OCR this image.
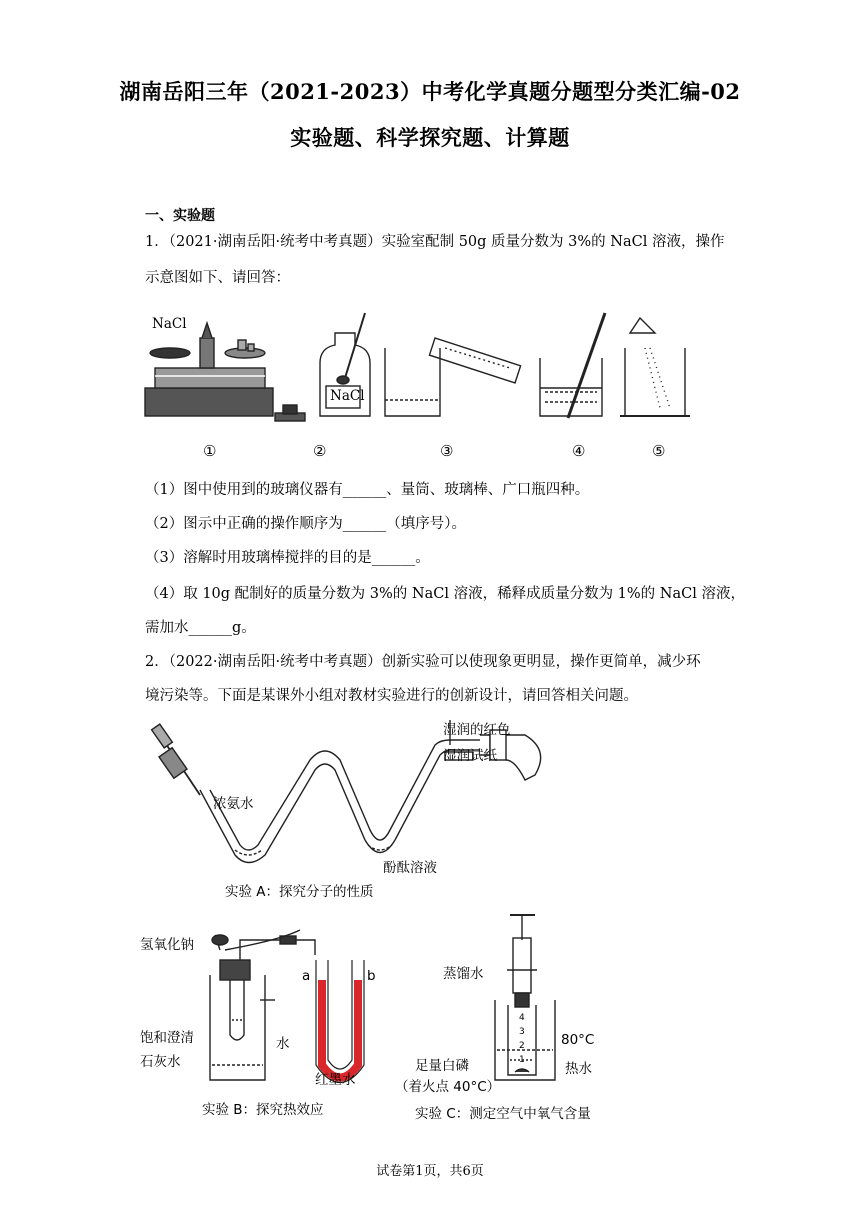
湖南岳阳三年（2021-2023）中考化学真题分题型分类汇编-02
实验题、科学探究题、计算题
一、实验题
1．（2021·湖南岳阳·统考中考真题）实验室配制 50g 质量分数为 3%的 NaCl 溶液，操作
示意图如下、请回答：
NaCl
NaCl
①	②	③	④	⑤
（1）图中使用到的玻璃仪器有______、量筒、玻璃棒、广口瓶四种。
（2）图示中正确的操作顺序为______（填序号）。
（3）溶解时用玻璃棒搅拌的目的是______。
（4）取 10g 配制好的质量分数为 3%的 NaCl 溶液，稀释成质量分数为 1%的 NaCl 溶液，
需加水______g。
2．（2022·湖南岳阳·统考中考真题）创新实验可以使现象更明显，操作更简单，减少环
境污染等。下面是某课外小组对教材实验进行的创新设计，请回答相关问题。
湿润的红色
湿润试纸
浓氨水
酚酞溶液
实验 A：探究分子的性质
氢氧化钠
饱和澄清
石灰水
水
a	b
红墨水
实验 B：探究热效应
蒸馏水
足量白磷
（着火点 40°C）
80°C
热水
4
3
2
1
实验 C：测定空气中氧气含量
试卷第1页，共6页
